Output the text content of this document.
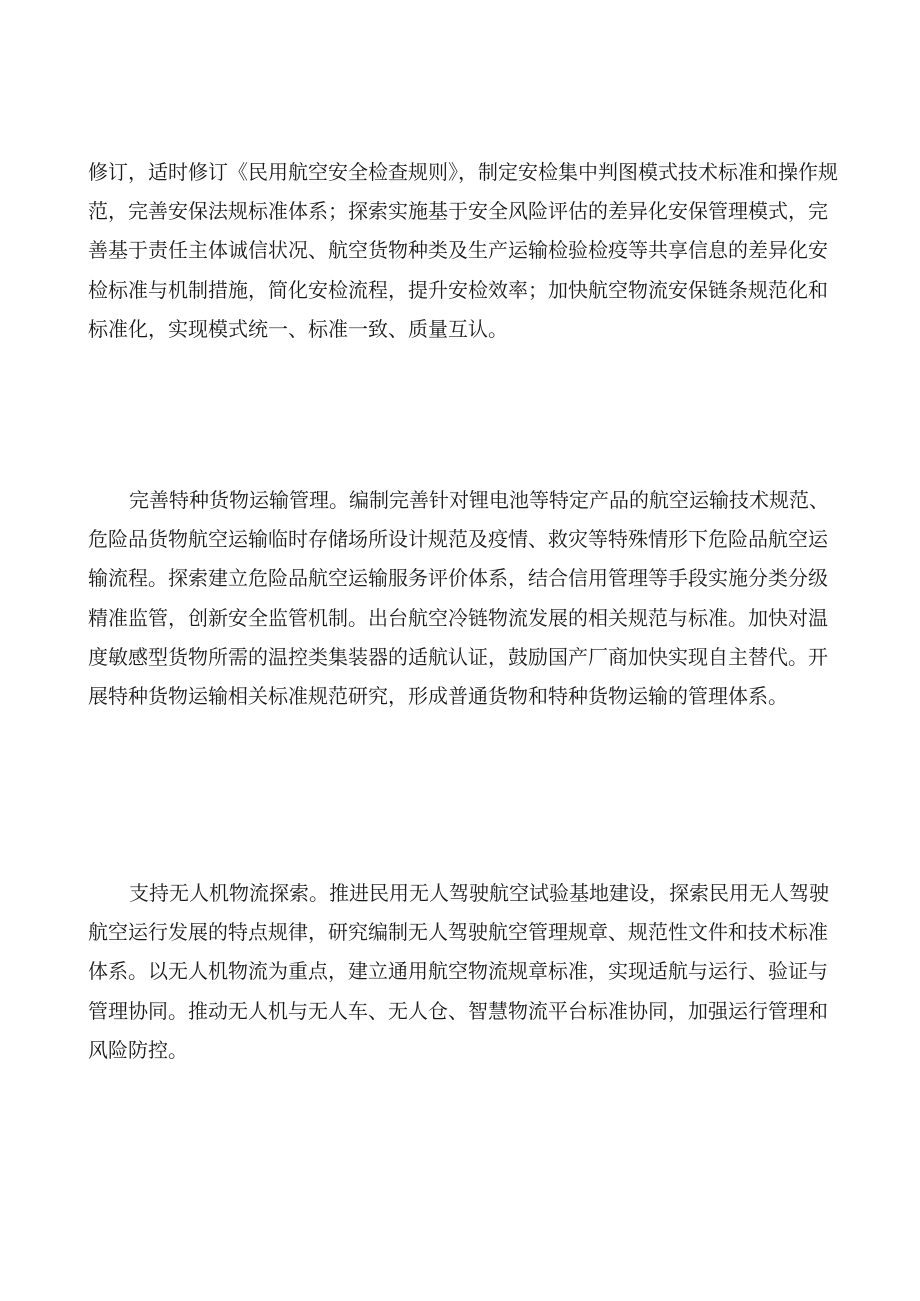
修订，适时修订《民用航空安全检查规则》，制定安检集中判图模式技术标准和操作规范，完善安保法规标准体系；探索实施基于安全风险评估的差异化安保管理模式，完善基于责任主体诚信状况、航空货物种类及生产运输检验检疫等共享信息的差异化安检标准与机制措施，简化安检流程，提升安检效率；加快航空物流安保链条规范化和标准化，实现模式统一、标准一致、质量互认。

完善特种货物运输管理。编制完善针对锂电池等特定产品的航空运输技术规范、危险品货物航空运输临时存储场所设计规范及疫情、救灾等特殊情形下危险品航空运输流程。探索建立危险品航空运输服务评价体系，结合信用管理等手段实施分类分级精准监管，创新安全监管机制。出台航空冷链物流发展的相关规范与标准。加快对温度敏感型货物所需的温控类集装器的适航认证，鼓励国产厂商加快实现自主替代。开展特种货物运输相关标准规范研究，形成普通货物和特种货物运输的管理体系。

支持无人机物流探索。推进民用无人驾驶航空试验基地建设，探索民用无人驾驶航空运行发展的特点规律，研究编制无人驾驶航空管理规章、规范性文件和技术标准体系。以无人机物流为重点，建立通用航空物流规章标准，实现适航与运行、验证与管理协同。推动无人机与无人车、无人仓、智慧物流平台标准协同，加强运行管理和风险防控。
